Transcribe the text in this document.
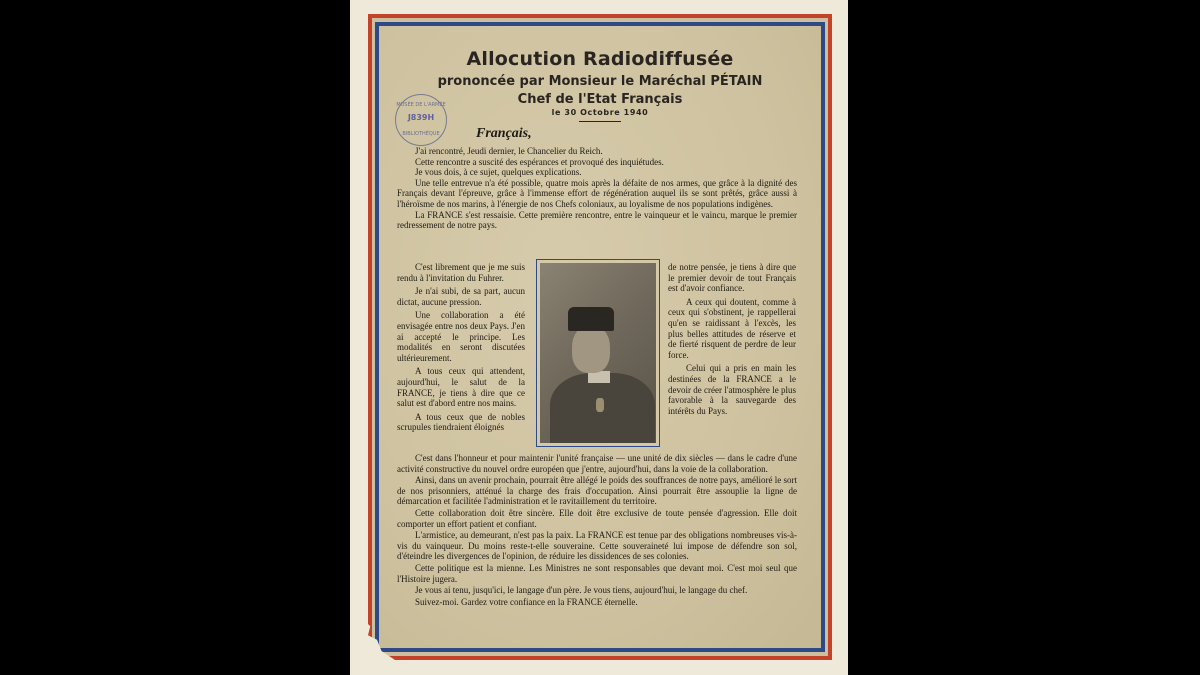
Allocution Radiodiffusée
prononcée par Monsieur le Maréchal PÉTAIN
Chef de l'Etat Français
le 30 Octobre 1940
MUSÉE DE L'ARMÉE
J839H
BIBLIOTHÈQUE	Français,

J'ai rencontré, Jeudi dernier, le Chancelier du Reich.

Cette rencontre a suscité des espérances et provoqué des inquiétudes.

Je vous dois, à ce sujet, quelques explications.

Une telle entrevue n'a été possible, quatre mois après la défaite de nos armes, que grâce à la dignité des Français devant l'épreuve, grâce à l'immense effort de régénération auquel ils se sont prêtés, grâce aussi à l'héroïsme de nos marins, à l'énergie de nos Chefs coloniaux, au loyalisme de nos populations indigènes.

La FRANCE s'est ressaisie. Cette première rencontre, entre le vainqueur et le vaincu, marque le premier redressement de notre pays.

C'est librement que je me suis rendu à l'invitation du Fuhrer.

Je n'ai subi, de sa part, aucun dictat, aucune pression.

Une collaboration a été envisagée entre nos deux Pays. J'en ai accepté le principe. Les modalités en seront discutées ultérieurement.

A tous ceux qui attendent, aujourd'hui, le salut de la FRANCE, je tiens à dire que ce salut est d'abord entre nos mains.

A tous ceux que de nobles scrupules tiendraient éloignés

de notre pensée, je tiens à dire que le premier devoir de tout Français est d'avoir confiance.

A ceux qui doutent, comme à ceux qui s'obstinent, je rappellerai qu'en se raidissant à l'excès, les plus belles attitudes de réserve et de fierté risquent de perdre de leur force.

Celui qui a pris en main les destinées de la FRANCE a le devoir de créer l'atmosphère le plus favorable à la sauvegarde des intérêts du Pays.

C'est dans l'honneur et pour maintenir l'unité française — une unité de dix siècles — dans le cadre d'une activité constructive du nouvel ordre européen que j'entre, aujourd'hui, dans la voie de la collaboration.

Ainsi, dans un avenir prochain, pourrait être allégé le poids des souffrances de notre pays, amélioré le sort de nos prisonniers, atténué la charge des frais d'occupation. Ainsi pourrait être assouplie la ligne de démarcation et facilitée l'administration et le ravitaillement du territoire.

Cette collaboration doit être sincère. Elle doit être exclusive de toute pensée d'agression. Elle doit comporter un effort patient et confiant.

L'armistice, au demeurant, n'est pas la paix. La FRANCE est tenue par des obligations nombreuses vis-à-vis du vainqueur. Du moins reste-t-elle souveraine. Cette souveraineté lui impose de défendre son sol, d'éteindre les divergences de l'opinion, de réduire les dissidences de ses colonies.

Cette politique est la mienne. Les Ministres ne sont responsables que devant moi. C'est moi seul que l'Histoire jugera.

Je vous ai tenu, jusqu'ici, le langage d'un père. Je vous tiens, aujourd'hui, le langage du chef.

Suivez-moi. Gardez votre confiance en la FRANCE éternelle.
